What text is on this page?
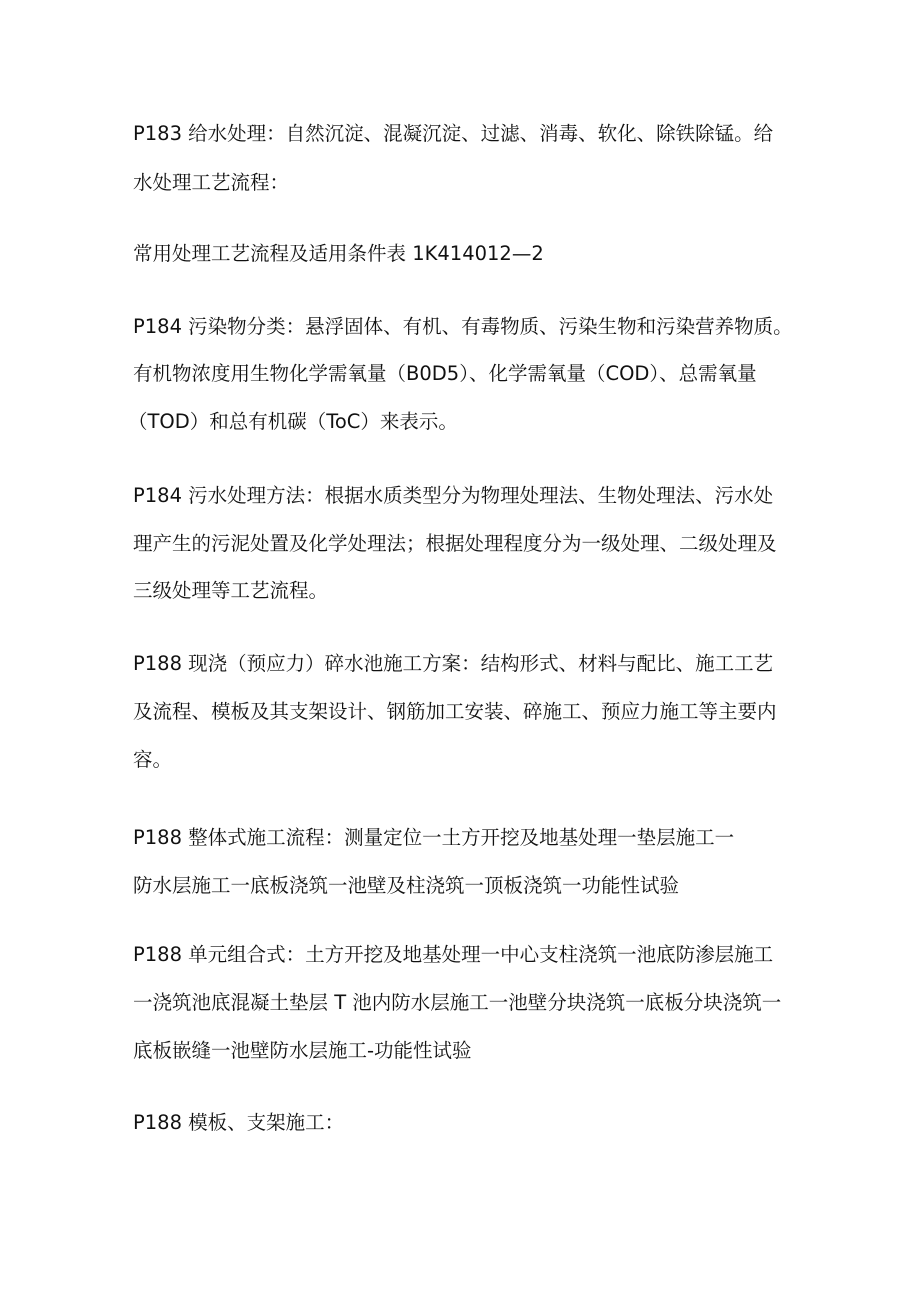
P183 给水处理：自然沉淀、混凝沉淀、过滤、消毒、软化、除铁除锰。给
水处理工艺流程：
常用处理工艺流程及适用条件表 1K414012—2
P184 污染物分类：悬浮固体、有机、有毒物质、污染生物和污染营养物质。
有机物浓度用生物化学需氧量（B0D5）、化学需氧量（COD）、总需氧量
（TOD）和总有机碳（ToC）来表示。
P184 污水处理方法：根据水质类型分为物理处理法、生物处理法、污水处
理产生的污泥处置及化学处理法；根据处理程度分为一级处理、二级处理及
三级处理等工艺流程。
P188 现浇（预应力）碎水池施工方案：结构形式、材料与配比、施工工艺
及流程、模板及其支架设计、钢筋加工安装、碎施工、预应力施工等主要内
容。
P188 整体式施工流程：测量定位一土方开挖及地基处理一垫层施工一
防水层施工一底板浇筑一池壁及柱浇筑一顶板浇筑一功能性试验
P188 单元组合式：土方开挖及地基处理一中心支柱浇筑一池底防渗层施工
一浇筑池底混凝土垫层 T 池内防水层施工一池壁分块浇筑一底板分块浇筑一
底板嵌缝一池壁防水层施工-功能性试验
P188 模板、支架施工：
